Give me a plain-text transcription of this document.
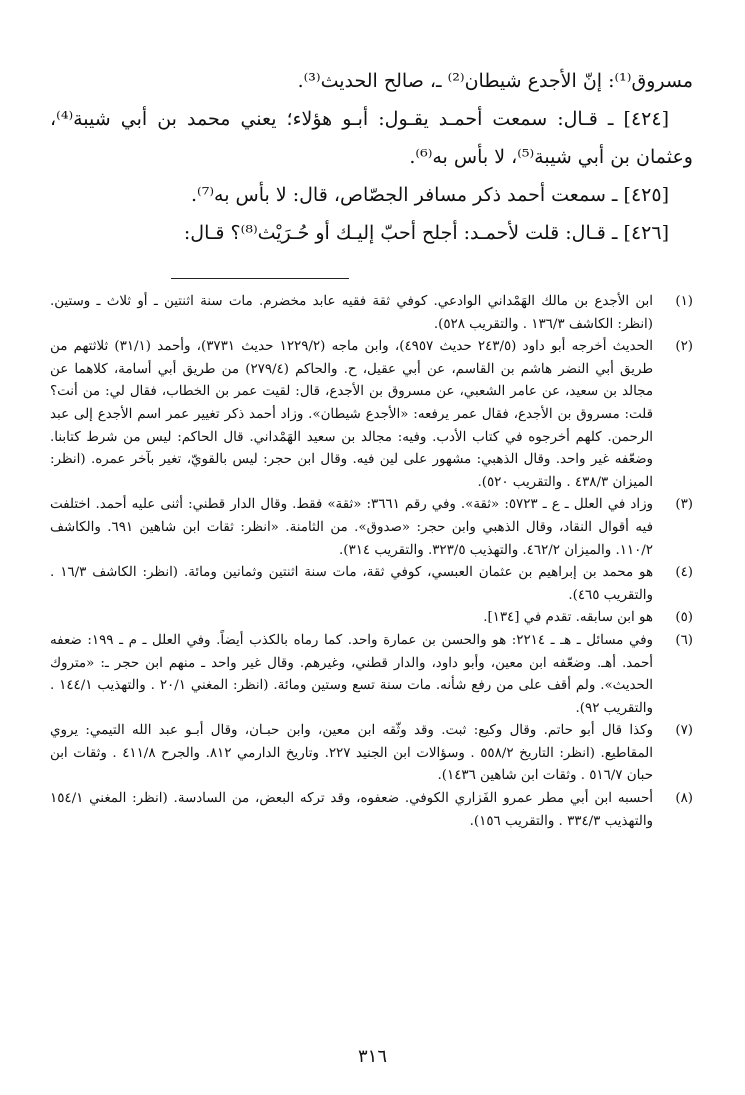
مسروق⁽¹⁾: إنّ الأجدع شيطان⁽²⁾ ـ، صالح الحديث⁽³⁾.

[٤٢٤] ـ قـال: سمعت أحمـد يقـول: أبـو هؤلاء؛ يعني محمد بن أبي شيبة⁽⁴⁾، وعثمان بن أبي شيبة⁽⁵⁾، لا بأس به⁽⁶⁾.

[٤٢٥] ـ سمعت أحمد ذكر مسافر الجصّاص، قال: لا بأس به⁽⁷⁾.

[٤٢٦] ـ قـال: قلت لأحمـد: أجلح أحبّ إليـك أو حُـرَيْث⁽⁸⁾؟ قـال:

(١)
ابن الأجدع بن مالك الهَمْداني الوادعي. كوفي ثقة فقيه عابد مخضرم. مات سنة اثنتين ـ أو ثلاث ـ وستين. (انظر: الكاشف ١٣٦/٣ . والتقريب ٥٢٨).
(٢)
الحديث أخرجه أبو داود (٢٤٣/٥ حديث ٤٩٥٧)، وابن ماجه (١٢٢٩/٢ حديث ٣٧٣١)، وأحمد (٣١/١) ثلاثتهم من طريق أبي النضر هاشم بن القاسم، عن أبي عقيل، ح. والحاكم (٢٧٩/٤) من طريق أبي أسامة، كلاهما عن مجالد بن سعيد، عن عامر الشعبي، عن مسروق بن الأجدع، قال: لقيت عمر بن الخطاب، فقال لي: من أنت؟ قلت: مسروق بن الأجدع، فقال عمر يرفعه: «الأجدع شيطان». وزاد أحمد ذكر تغيير عمر اسم الأجدع إلى عبد الرحمن. كلهم أخرجوه في كتاب الأدب. وفيه: مجالد بن سعيد الهَمْداني. قال الحاكم: ليس من شرط كتابنا. وضعّفه غير واحد. وقال الذهبي: مشهور على لين فيه. وقال ابن حجر: ليس بالقويّ، تغير بآخر عمره. (انظر: الميزان ٤٣٨/٣ . والتقريب ٥٢٠).
(٣)
وزاد في العلل ـ ع ـ ٥٧٢٣: «ثقة». وفي رقم ٣٦٦١: «ثقة» فقط. وقال الدار قطني: أثنى عليه أحمد. اختلفت فيه أقوال النقاد، وقال الذهبي وابن حجر: «صدوق». من الثامنة. «انظر: ثقات ابن شاهين ٦٩١. والكاشف ١١٠/٢. والميزان ٤٦٢/٢. والتهذيب ٣٢٣/٥. والتقريب ٣١٤).
(٤)
هو محمد بن إبراهيم بن عثمان العبسي، كوفي ثقة، مات سنة اثنتين وثمانين ومائة. (انظر: الكاشف ١٦/٣ . والتقريب ٤٦٥).
(٥)
هو ابن سابقه. تقدم في [١٣٤].
(٦)
وفي مسائل ـ هـ ـ ٢٢١٤: هو والحسن بن عمارة واحد. كما رماه بالكذب أيضاً. وفي العلل ـ م ـ ١٩٩: ضعفه أحمد. أهـ. وضعّفه ابن معين، وأبو داود، والدار قطني، وغيرهم. وقال غير واحد ـ منهم ابن حجر ـ: «متروك الحديث». ولم أقف على من رفع شأنه. مات سنة تسع وستين ومائة. (انظر: المغني ٢٠/١ . والتهذيب ١٤٤/١ . والتقريب ٩٢).
(٧)
وكذا قال أبو حاتم. وقال وكيع: ثبت. وقد وثّقه ابن معين، وابن حبـان، وقال أبـو عبد الله التيمي: يروي المقاطيع. (انظر: التاريخ ٥٥٨/٢ . وسؤالات ابن الجنيد ٢٢٧. وتاريخ الدارمي ٨١٢. والجرح ٤١١/٨ . وثقات ابن حبان ٥١٦/٧ . وثقات ابن شاهين ١٤٣٦).
(٨)
أحسبه ابن أبي مطر عمرو الفَزاري الكوفي. ضعفوه، وقد تركه البعض، من السادسة. (انظر: المغني ١٥٤/١ والتهذيب ٣٣٤/٣ . والتقريب ١٥٦).
٣١٦
